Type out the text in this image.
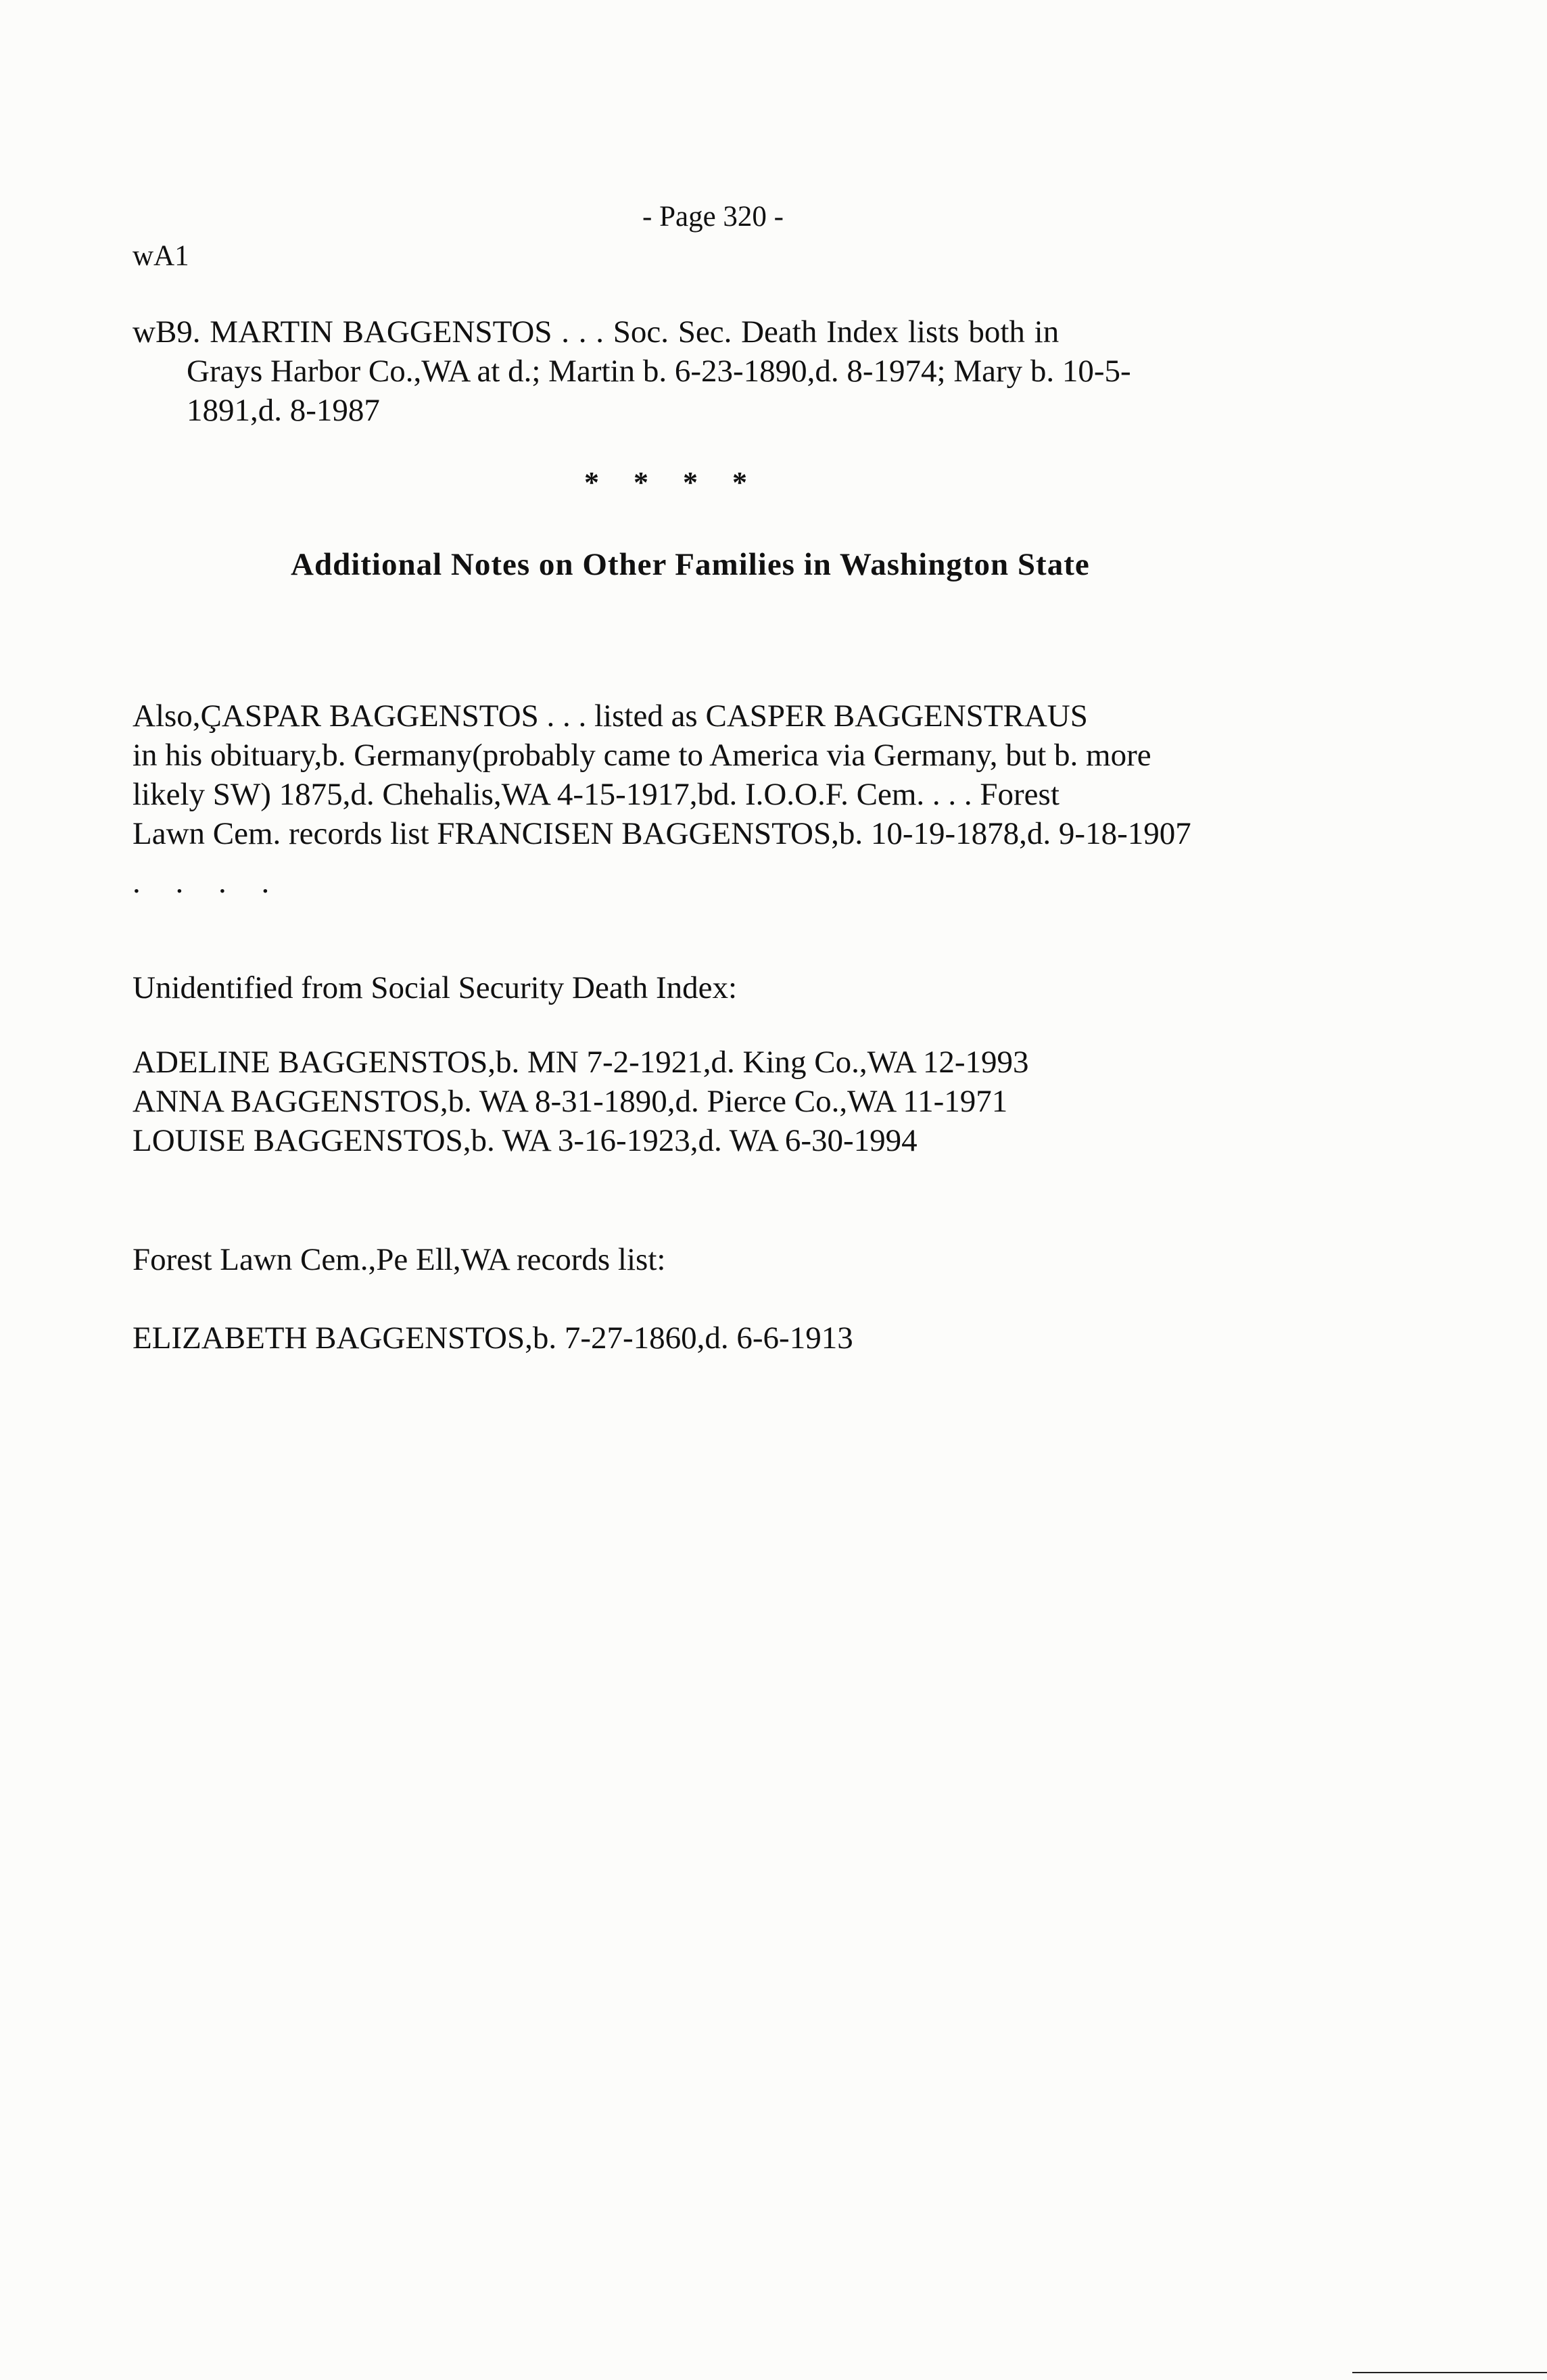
- Page 320 -
wA1
wB9. MARTIN BAGGENSTOS . . . Soc. Sec. Death Index lists both in
Grays Harbor Co.,WA at d.; Martin b. 6-23-1890,d. 8-1974; Mary b. 10-5-
1891,d. 8-1987
* * * *
Additional Notes on Other Families in Washington State
Also,ÇASPAR BAGGENSTOS . . . listed as CASPER BAGGENSTRAUS
in his obituary,b. Germany(probably came to America via Germany, but b. more
likely SW) 1875,d. Chehalis,WA 4-15-1917,bd. I.O.O.F. Cem. . . . Forest
Lawn Cem. records list FRANCISEN BAGGENSTOS,b. 10-19-1878,d. 9-18-1907
. . . .
Unidentified from Social Security Death Index:
ADELINE BAGGENSTOS,b. MN 7-2-1921,d. King Co.,WA 12-1993
ANNA BAGGENSTOS,b. WA 8-31-1890,d. Pierce Co.,WA 11-1971
LOUISE BAGGENSTOS,b. WA 3-16-1923,d. WA 6-30-1994
Forest Lawn Cem.,Pe Ell,WA records list:
ELIZABETH BAGGENSTOS,b. 7-27-1860,d. 6-6-1913
